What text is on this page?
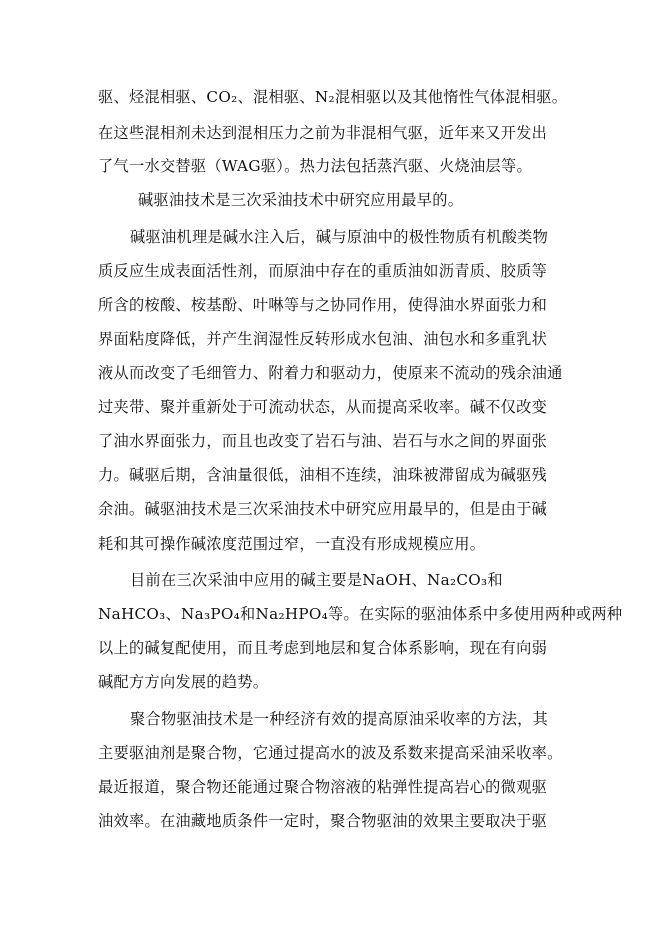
驱、烃混相驱、CO₂、混相驱、N₂混相驱以及其他惰性气体混相驱。
在这些混相剂未达到混相压力之前为非混相气驱，近年来又开发出
了气一水交替驱（WAG驱）。热力法包括蒸汽驱、火烧油层等。
碱驱油技术是三次采油技术中研究应用最早的。
碱驱油机理是碱水注入后，碱与原油中的极性物质有机酸类物
质反应生成表面活性剂，而原油中存在的重质油如沥青质、胶质等
所含的桉酸、桉基酚、叶啉等与之协同作用，使得油水界面张力和
界面粘度降低，并产生润湿性反转形成水包油、油包水和多重乳状
液从而改变了毛细管力、附着力和驱动力，使原来不流动的残余油通
过夹带、聚并重新处于可流动状态，从而提高采收率。碱不仅改变
了油水界面张力，而且也改变了岩石与油、岩石与水之间的界面张
力。碱驱后期，含油量很低，油相不连续，油珠被滞留成为碱驱残
余油。碱驱油技术是三次采油技术中研究应用最早的，但是由于碱
耗和其可操作碱浓度范围过窄，一直没有形成规模应用。
目前在三次采油中应用的碱主要是NaOH、Na₂CO₃和
NaHCO₃、Na₃PO₄和Na₂HPO₄等。在实际的驱油体系中多使用两种或两种
以上的碱复配使用，而且考虑到地层和复合体系影响，现在有向弱
碱配方方向发展的趋势。
聚合物驱油技术是一种经济有效的提高原油采收率的方法，其
主要驱油剂是聚合物，它通过提高水的波及系数来提高采油采收率。
最近报道，聚合物还能通过聚合物溶液的粘弹性提高岩心的微观驱
油效率。在油藏地质条件一定时，聚合物驱油的效果主要取决于驱
